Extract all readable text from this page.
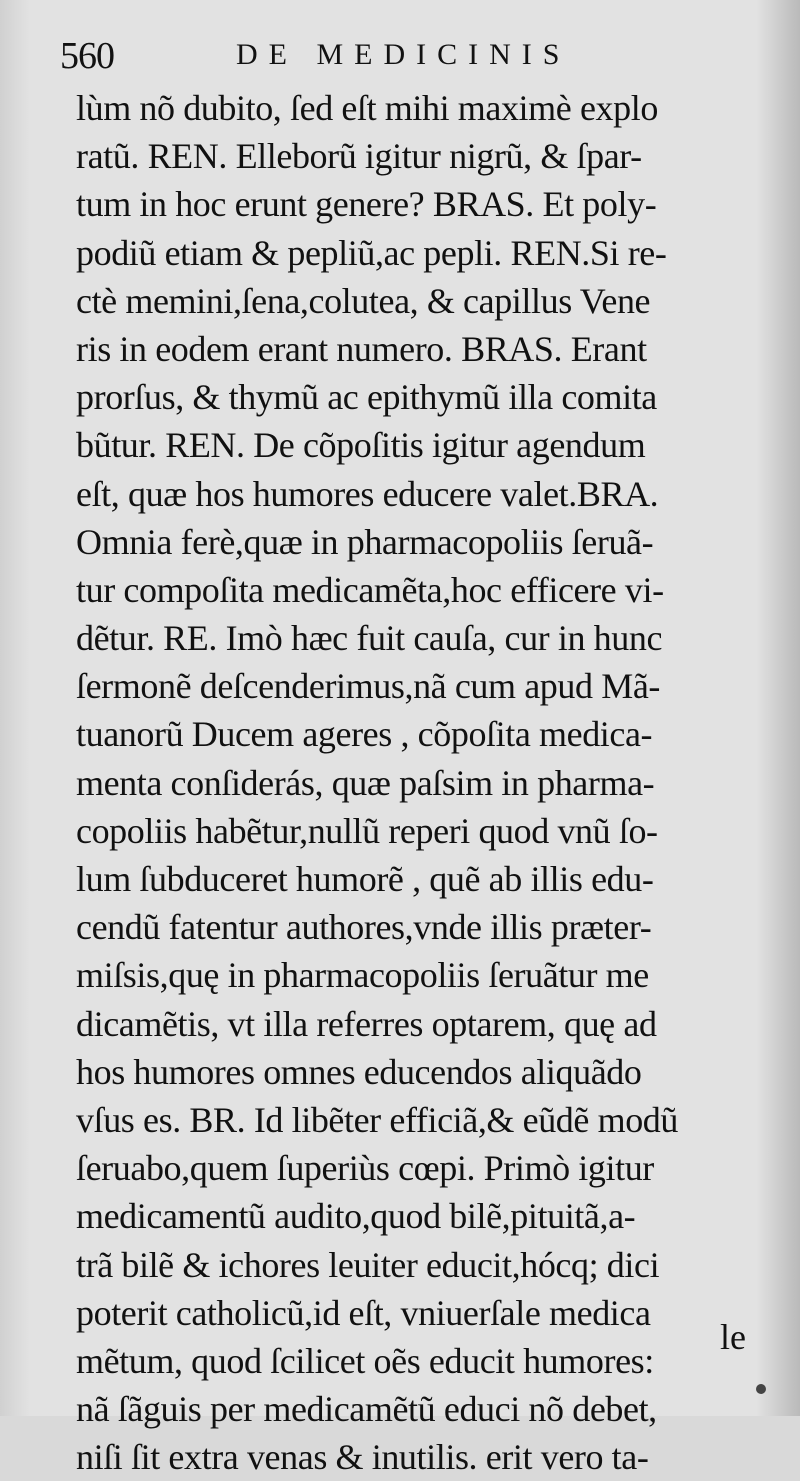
560	DE MEDICINIS
lùm nõ dubito, ſed eſt mihi maximè explo
ratũ. REN. Elleborũ igitur nigrũ, & ſpar-
tum in hoc erunt genere? BRAS. Et poly-
podiũ etiam & pepliũ,ac pepli. REN.Si re-
ctè memini,ſena,colutea, & capillus Vene
ris in eodem erant numero. BRAS. Erant
prorſus, & thymũ ac epithymũ illa comita
bũtur. REN. De cõpoſitis igitur agendum
eſt, quæ hos humores educere valet.BRA.
Omnia ferè,quæ in pharmacopoliis ſeruã-
tur compoſita medicamẽta,hoc efficere vi-
dẽtur. RE. Imò hæc fuit cauſa, cur in hunc
ſermonẽ deſcenderimus,nã cum apud Mã-
tuanorũ Ducem ageres , cõpoſita medica-
menta conſiderás, quæ paſsim in pharma-
copoliis habẽtur,nullũ reperi quod vnũ ſo-
lum ſubduceret humorẽ , quẽ ab illis edu-
cendũ fatentur authores,vnde illis præter-
miſsis,quę in pharmacopoliis ſeruãtur me
dicamẽtis, vt illa referres optarem, quę ad
hos humores omnes educendos aliquãdo
vſus es. BR. Id libẽter efficiã,& eũdẽ modũ
ſeruabo,quem ſuperiùs cœpi. Primò igitur
medicamentũ audito,quod bilẽ,pituitã,a-
trã bilẽ & ichores leuiter educit,hócq; dici
poterit catholicũ,id eſt, vniuerſale medica
mẽtum, quod ſcilicet oẽs educit humores:
nã ſãguis per medicamẽtũ educi nõ debet,
niſi ſit extra venas & inutilis. erit vero ta-
le
